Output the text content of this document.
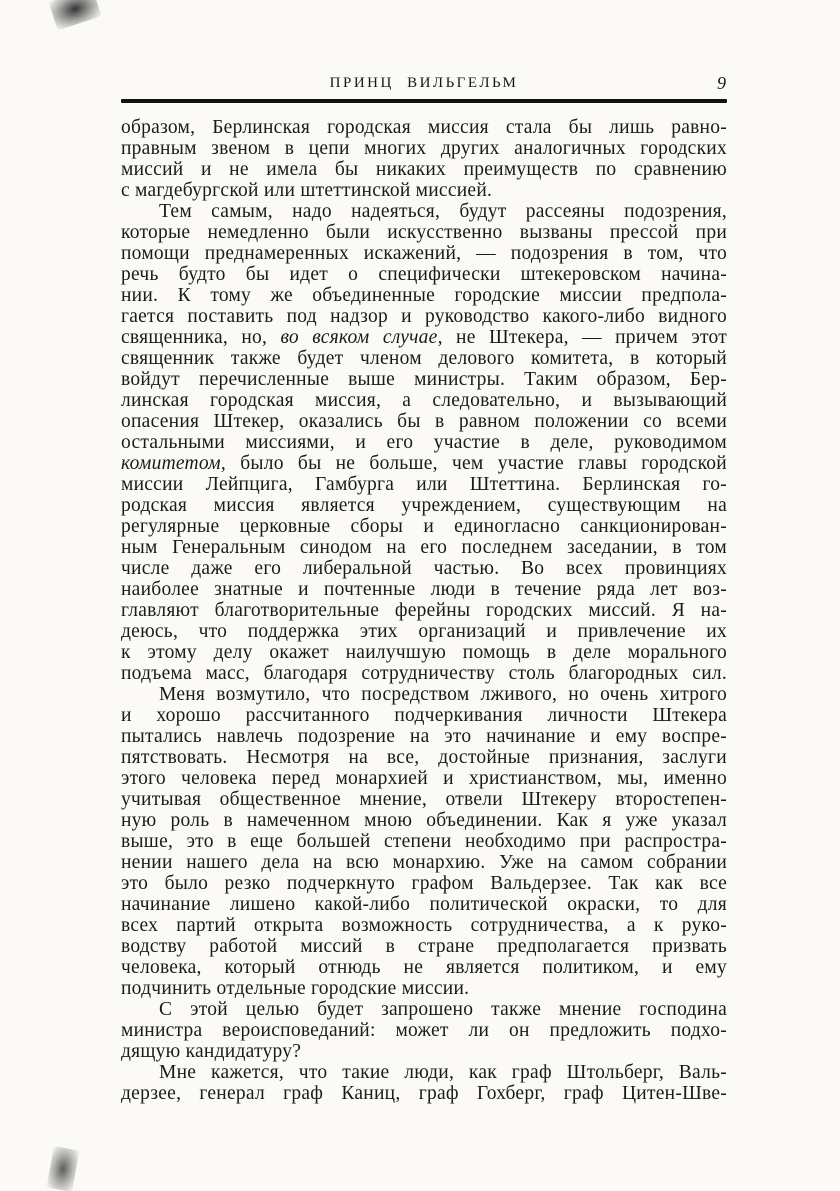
ПРИНЦ ВИЛЬГЕЛЬМ	9
образом, Берлинская городская миссия стала бы лишь равно-
правным звеном в цепи многих других аналогичных городских
миссий и не имела бы никаких преимуществ по сравнению
с магдебургской или штеттинской миссией.
Тем самым, надо надеяться, будут рассеяны подозрения,
которые немедленно были искусственно вызваны прессой при
помощи преднамеренных искажений, — подозрения в том, что
речь будто бы идет о специфически штекеровском начина-
нии. К тому же объединенные городские миссии предпола-
гается поставить под надзор и руководство какого-либо видного
священника, но, во всяком случае, не Штекера, — причем этот
священник также будет членом делового комитета, в который
войдут перечисленные выше министры. Таким образом, Бер-
линская городская миссия, а следовательно, и вызывающий
опасения Штекер, оказались бы в равном положении со всеми
остальными миссиями, и его участие в деле, руководимом
комитетом, было бы не больше, чем участие главы городской
миссии Лейпцига, Гамбурга или Штеттина. Берлинская го-
родская миссия является учреждением, существующим на
регулярные церковные сборы и единогласно санкционирован-
ным Генеральным синодом на его последнем заседании, в том
числе даже его либеральной частью. Во всех провинциях
наиболее знатные и почтенные люди в течение ряда лет воз-
главляют благотворительные ферейны городских миссий. Я на-
деюсь, что поддержка этих организаций и привлечение их
к этому делу окажет наилучшую помощь в деле морального
подъема масс, благодаря сотрудничеству столь благородных сил.
Меня возмутило, что посредством лживого, но очень хитрого
и хорошо рассчитанного подчеркивания личности Штекера
пытались навлечь подозрение на это начинание и ему воспре-
пятствовать. Несмотря на все, достойные признания, заслуги
этого человека перед монархией и христианством, мы, именно
учитывая общественное мнение, отвели Штекеру второстепен-
ную роль в намеченном мною объединении. Как я уже указал
выше, это в еще большей степени необходимо при распростра-
нении нашего дела на всю монархию. Уже на самом собрании
это было резко подчеркнуто графом Вальдерзее. Так как все
начинание лишено какой-либо политической окраски, то для
всех партий открыта возможность сотрудничества, а к руко-
водству работой миссий в стране предполагается призвать
человека, который отнюдь не является политиком, и ему
подчинить отдельные городские миссии.
С этой целью будет запрошено также мнение господина
министра вероисповеданий: может ли он предложить подхо-
дящую кандидатуру?
Мне кажется, что такие люди, как граф Штольберг, Валь-
дерзее, генерал граф Каниц, граф Гохберг, граф Цитен-Шве-
